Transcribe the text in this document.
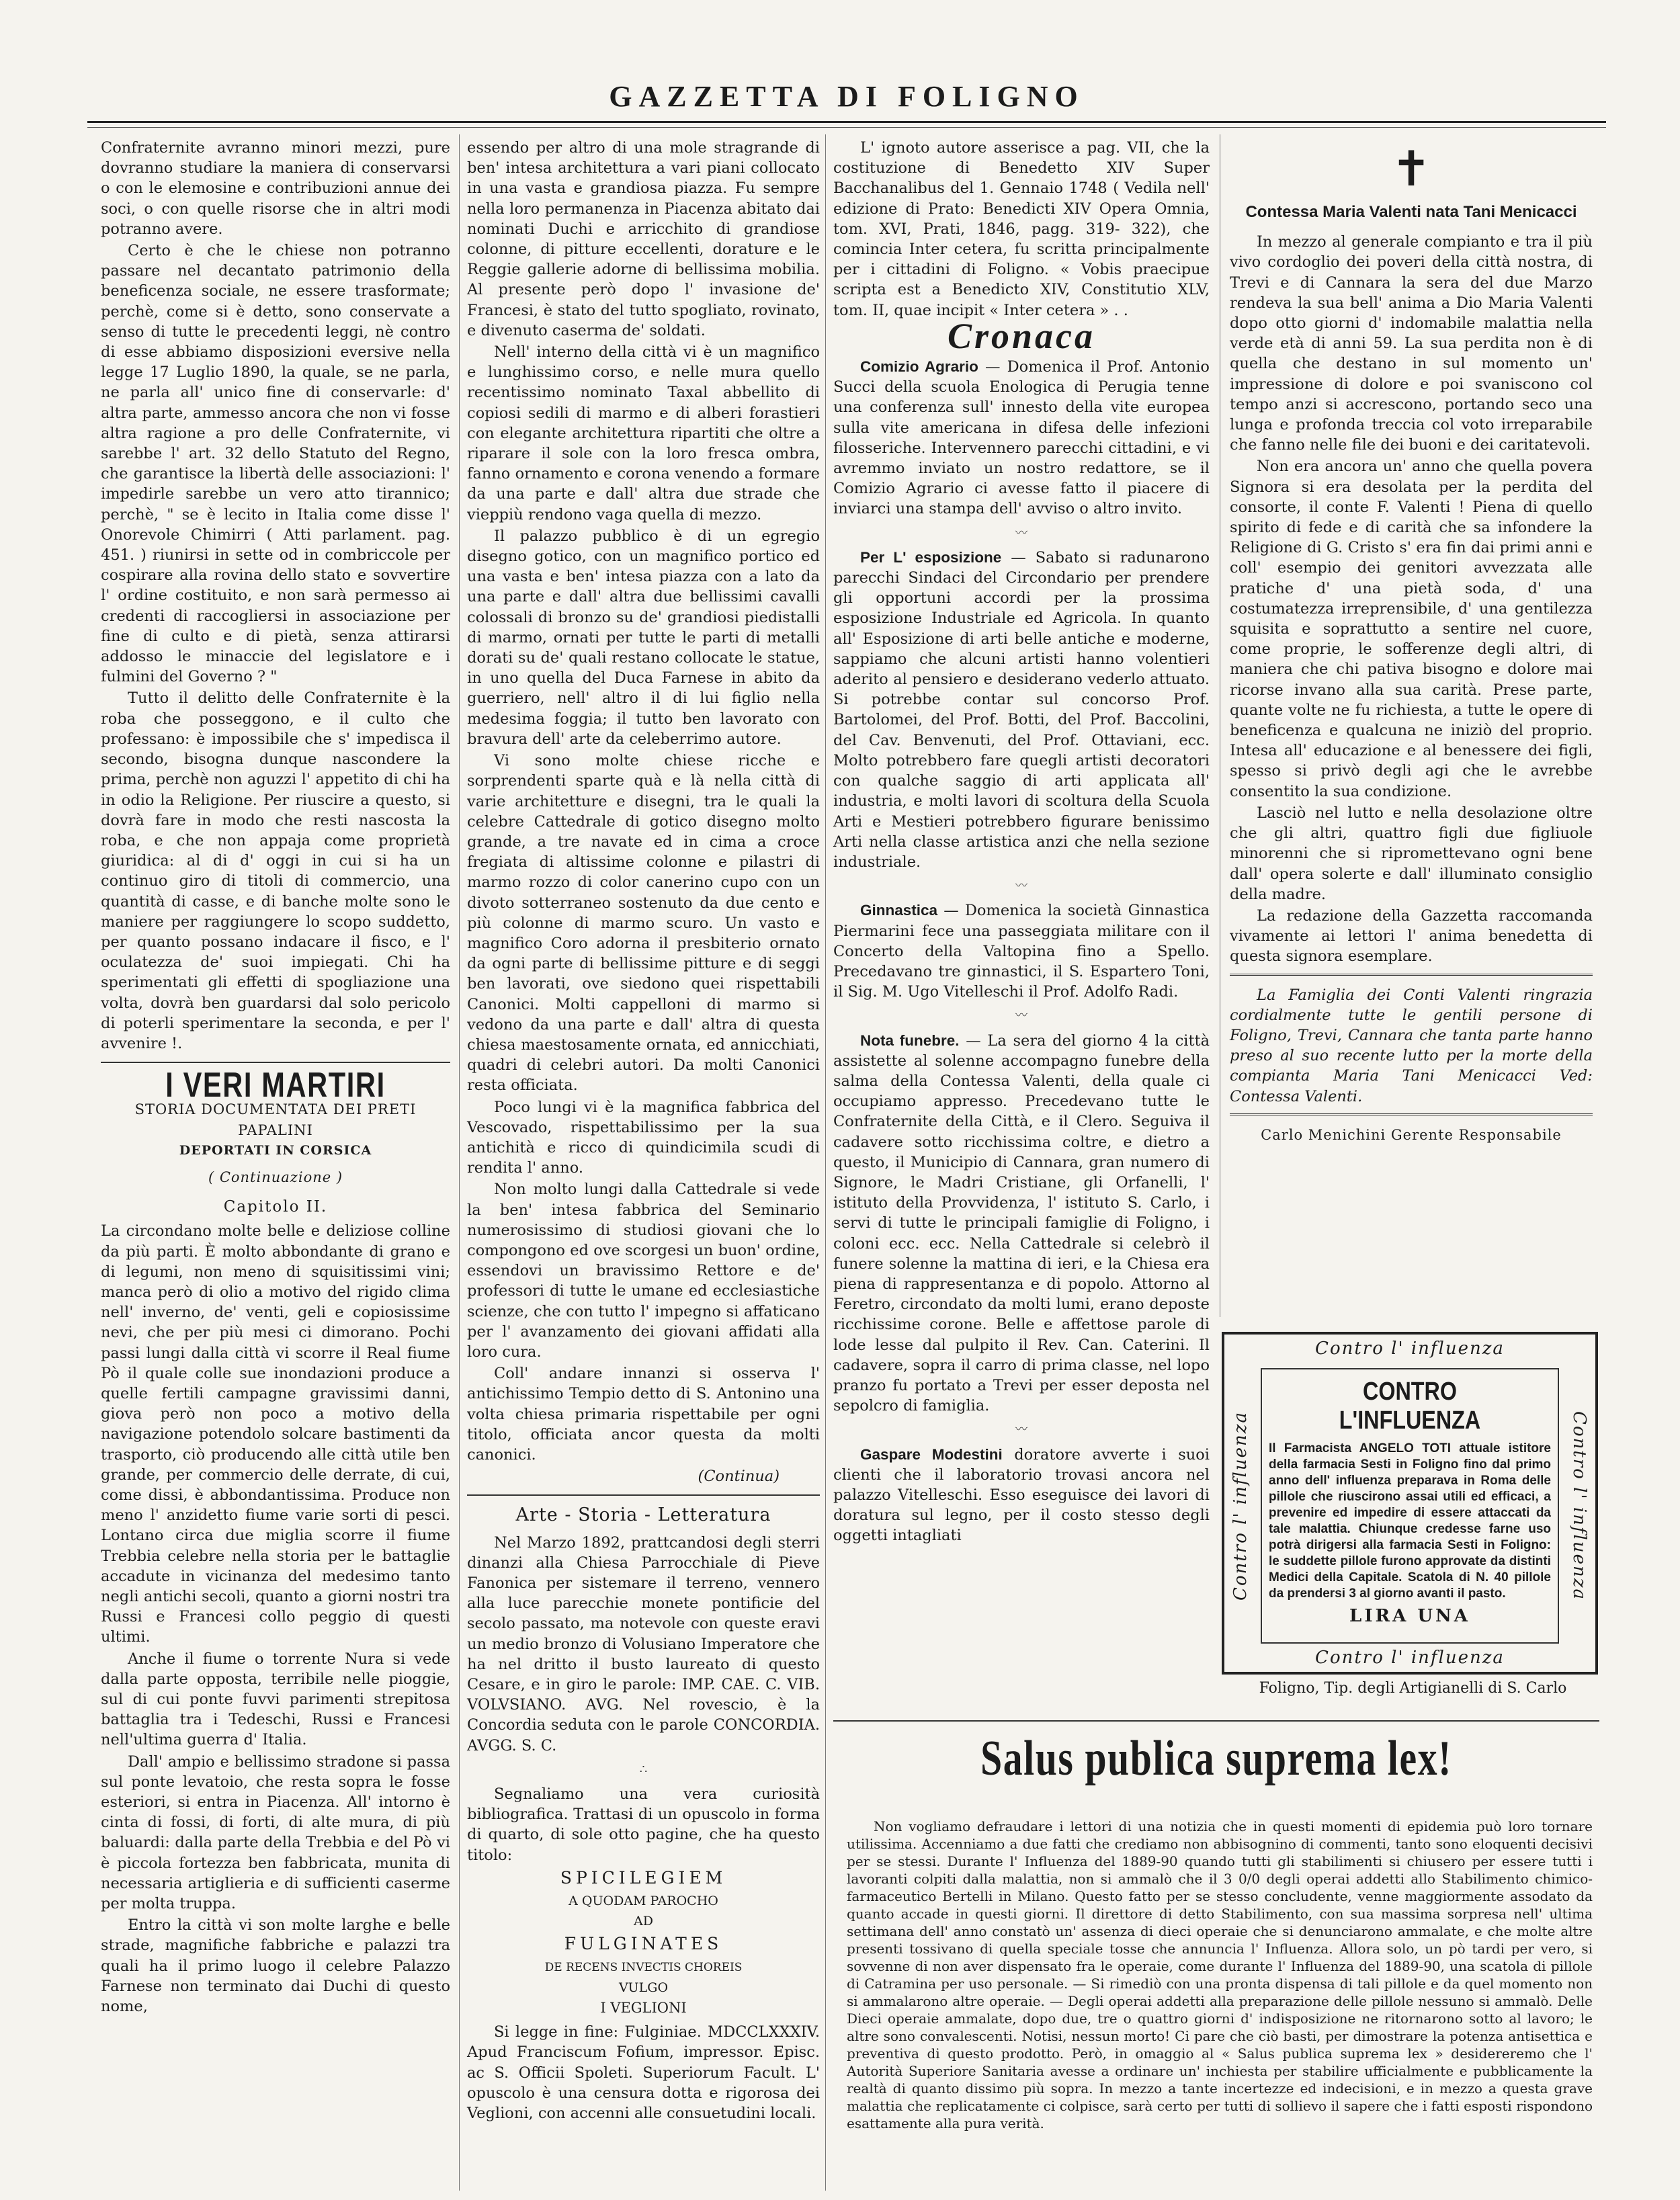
GAZZETTA DI FOLIGNO

Confraternite avranno minori mezzi, pure dovranno studiare la maniera di conservarsi o con le elemosine e contribuzioni annue dei soci, o con quelle risorse che in altri modi potranno avere.

Certo è che le chiese non potranno passare nel decantato patrimonio della beneficenza sociale, ne essere trasformate; perchè, come si è detto, sono conservate a senso di tutte le precedenti leggi, nè contro di esse abbiamo disposizioni eversive nella legge 17 Luglio 1890, la quale, se ne parla, ne parla all' unico fine di conservarle: d' altra parte, ammesso ancora che non vi fosse altra ragione a pro delle Confraternite, vi sarebbe l' art. 32 dello Statuto del Regno, che garantisce la libertà delle associazioni: l' impedirle sarebbe un vero atto tirannico; perchè, " se è lecito in Italia come disse l' Onorevole Chimirri ( Atti parlament. pag. 451. ) riunirsi in sette od in combriccole per cospirare alla rovina dello stato e sovvertire l' ordine costituito, e non sarà permesso ai credenti di raccogliersi in associazione per fine di culto e di pietà, senza attirarsi addosso le minaccie del legislatore e i fulmini del Governo ? "

Tutto il delitto delle Confraternite è la roba che posseggono, e il culto che professano: è impossibile che s' impedisca il secondo, bisogna dunque nascondere la prima, perchè non aguzzi l' appetito di chi ha in odio la Religione. Per riuscire a questo, si dovrà fare in modo che resti nascosta la roba, e che non appaja come proprietà giuridica: al di d' oggi in cui si ha un continuo giro di titoli di commercio, una quantità di casse, e di banche molte sono le maniere per raggiungere lo scopo suddetto, per quanto possano indacare il fisco, e l' oculatezza de' suoi impiegati. Chi ha sperimentati gli effetti di spogliazione una volta, dovrà ben guardarsi dal solo pericolo di poterli sperimentare la seconda, e per l' avvenire !.

I VERI MARTIRI
STORIA DOCUMENTATA DEI PRETI PAPALINI
DEPORTATI IN CORSICA
( Continuazione )
Capitolo II.

La circondano molte belle e deliziose colline da più parti. È molto abbondante di grano e di legumi, non meno di squisitissimi vini; manca però di olio a motivo del rigido clima nell' inverno, de' venti, geli e copiosissime nevi, che per più mesi ci dimorano. Pochi passi lungi dalla città vi scorre il Real fiume Pò il quale colle sue inondazioni produce a quelle fertili campagne gravissimi danni, giova però non poco a motivo della navigazione potendolo solcare bastimenti da trasporto, ciò producendo alle città utile ben grande, per commercio delle derrate, di cui, come dissi, è abbondantissima. Produce non meno l' anzidetto fiume varie sorti di pesci. Lontano circa due miglia scorre il fiume Trebbia celebre nella storia per le battaglie accadute in vicinanza del medesimo tanto negli antichi secoli, quanto a giorni nostri tra Russi e Francesi collo peggio di questi ultimi.

Anche il fiume o torrente Nura si vede dalla parte opposta, terribile nelle pioggie, sul di cui ponte fuvvi parimenti strepitosa battaglia tra i Tedeschi, Russi e Francesi nell'ultima guerra d' Italia.

Dall' ampio e bellissimo stradone si passa sul ponte levatoio, che resta sopra le fosse esteriori, si entra in Piacenza. All' intorno è cinta di fossi, di forti, di alte mura, di più baluardi: dalla parte della Trebbia e del Pò vi è piccola fortezza ben fabbricata, munita di necessaria artiglieria e di sufficienti caserme per molta truppa.

Entro la città vi son molte larghe e belle strade, magnifiche fabbriche e palazzi tra quali ha il primo luogo il celebre Palazzo Farnese non terminato dai Duchi di questo nome,

essendo per altro di una mole stragrande di ben' intesa architettura a vari piani collocato in una vasta e grandiosa piazza. Fu sempre nella loro permanenza in Piacenza abitato dai nominati Duchi e arricchito di grandiose colonne, di pitture eccellenti, dorature e le Reggie gallerie adorne di bellissima mobilia. Al presente però dopo l' invasione de' Francesi, è stato del tutto spogliato, rovinato, e divenuto caserma de' soldati.

Nell' interno della città vi è un magnifico e lunghissimo corso, e nelle mura quello recentissimo nominato Taxal abbellito di copiosi sedili di marmo e di alberi forastieri con elegante architettura ripartiti che oltre a riparare il sole con la loro fresca ombra, fanno ornamento e corona venendo a formare da una parte e dall' altra due strade che vieppiù rendono vaga quella di mezzo.

Il palazzo pubblico è di un egregio disegno gotico, con un magnifico portico ed una vasta e ben' intesa piazza con a lato da una parte e dall' altra due bellissimi cavalli colossali di bronzo su de' grandiosi piedistalli di marmo, ornati per tutte le parti di metalli dorati su de' quali restano collocate le statue, in uno quella del Duca Farnese in abito da guerriero, nell' altro il di lui figlio nella medesima foggia; il tutto ben lavorato con bravura dell' arte da celeberrimo autore.

Vi sono molte chiese ricche e sorprendenti sparte quà e là nella città di varie architetture e disegni, tra le quali la celebre Cattedrale di gotico disegno molto grande, a tre navate ed in cima a croce fregiata di altissime colonne e pilastri di marmo rozzo di color canerino cupo con un divoto sotterraneo sostenuto da due cento e più colonne di marmo scuro. Un vasto e magnifico Coro adorna il presbiterio ornato da ogni parte di bellissime pitture e di seggi ben lavorati, ove siedono quei rispettabili Canonici. Molti cappelloni di marmo si vedono da una parte e dall' altra di questa chiesa maestosamente ornata, ed annicchiati, quadri di celebri autori. Da molti Canonici resta officiata.

Poco lungi vi è la magnifica fabbrica del Vescovado, rispettabilissimo per la sua antichità e ricco di quindicimila scudi di rendita l' anno.

Non molto lungi dalla Cattedrale si vede la ben' intesa fabbrica del Seminario numerosissimo di studiosi giovani che lo compongono ed ove scorgesi un buon' ordine, essendovi un bravissimo Rettore e de' professori di tutte le umane ed ecclesiastiche scienze, che con tutto l' impegno si affaticano per l' avanzamento dei giovani affidati alla loro cura.

Coll' andare innanzi si osserva l' antichissimo Tempio detto di S. Antonino una volta chiesa primaria rispettabile per ogni titolo, officiata ancor questa da molti canonici.

(Continua)
Arte - Storia - Letteratura

Nel Marzo 1892, prattcandosi degli sterri dinanzi alla Chiesa Parrocchiale di Pieve Fanonica per sistemare il terreno, vennero alla luce parecchie monete pontificie del secolo passato, ma notevole con queste eravi un medio bronzo di Volusiano Imperatore che ha nel dritto il busto laureato di questo Cesare, e in giro le parole: IMP. CAE. C. VIB. VOLVSIANO. AVG. Nel rovescio, è la Concordia seduta con le parole CONCORDIA. AVGG. S. C.

∴

Segnaliamo una vera curiosità bibliografica. Trattasi di un opuscolo in forma di quarto, di sole otto pagine, che ha questo titolo:

SPICILEGIEM
A QUODAM PAROCHO
AD
FULGINATES
DE RECENS INVECTIS CHOREIS
VULGO
I VEGLIONI

Si legge in fine: Fulginiae. MDCCLXXXIV. Apud Franciscum Fofium, impressor. Episc. ac S. Officii Spoleti. Superiorum Facult. L' opuscolo è una censura dotta e rigorosa dei Veglioni, con accenni alle consuetudini locali.

L' ignoto autore asserisce a pag. VII, che la costituzione di Benedetto XIV Super Bacchanalibus del 1. Gennaio 1748 ( Vedila nell' edizione di Prato: Benedicti XIV Opera Omnia, tom. XVI, Prati, 1846, pagg. 319- 322), che comincia Inter cetera, fu scritta principalmente per i cittadini di Foligno. « Vobis praecipue scripta est a Benedicto XIV, Constitutio XLV, tom. II, quae incipit « Inter cetera » . .

Cronaca

Comizio Agrario — Domenica il Prof. Antonio Succi della scuola Enologica di Perugia tenne una conferenza sull' innesto della vite europea sulla vite americana in difesa delle infezioni filosseriche. Intervennero parecchi cittadini, e vi avremmo inviato un nostro redattore, se il Comizio Agrario ci avesse fatto il piacere di inviarci una stampa dell' avviso o altro invito.

〰

Per L' esposizione — Sabato si radunarono parecchi Sindaci del Circondario per prendere gli opportuni accordi per la prossima esposizione Industriale ed Agricola. In quanto all' Esposizione di arti belle antiche e moderne, sappiamo che alcuni artisti hanno volentieri aderito al pensiero e desiderano vederlo attuato. Si potrebbe contar sul concorso Prof. Bartolomei, del Prof. Botti, del Prof. Baccolini, del Cav. Benvenuti, del Prof. Ottaviani, ecc. Molto potrebbero fare quegli artisti decoratori con qualche saggio di arti applicata all' industria, e molti lavori di scoltura della Scuola Arti e Mestieri potrebbero figurare benissimo Arti nella classe artistica anzi che nella sezione industriale.

〰

Ginnastica — Domenica la società Ginnastica Piermarini fece una passeggiata militare con il Concerto della Valtopina fino a Spello. Precedavano tre ginnastici, il S. Espartero Toni, il Sig. M. Ugo Vitelleschi il Prof. Adolfo Radi.

〰

Nota funebre. — La sera del giorno 4 la città assistette al solenne accompagno funebre della salma della Contessa Valenti, della quale ci occupiamo appresso. Precedevano tutte le Confraternite della Città, e il Clero. Seguiva il cadavere sotto ricchissima coltre, e dietro a questo, il Municipio di Cannara, gran numero di Signore, le Madri Cristiane, gli Orfanelli, l' istituto della Provvidenza, l' istituto S. Carlo, i servi di tutte le principali famiglie di Foligno, i coloni ecc. ecc. Nella Cattedrale si celebrò il funere solenne la mattina di ieri, e la Chiesa era piena di rappresentanza e di popolo. Attorno al Feretro, circondato da molti lumi, erano deposte ricchissime corone. Belle e affettose parole di lode lesse dal pulpito il Rev. Can. Caterini. Il cadavere, sopra il carro di prima classe, nel lopo pranzo fu portato a Trevi per esser deposta nel sepolcro di famiglia.

〰

Gaspare Modestini doratore avverte i suoi clienti che il laboratorio trovasi ancora nel palazzo Vitelleschi. Esso eseguisce dei lavori di doratura sul legno, per il costo stesso degli oggetti intagliati

✝
Contessa Maria Valenti nata Tani Menicacci

In mezzo al generale compianto e tra il più vivo cordoglio dei poveri della città nostra, di Trevi e di Cannara la sera del due Marzo rendeva la sua bell' anima a Dio Maria Valenti dopo otto giorni d' indomabile malattia nella verde età di anni 59. La sua perdita non è di quella che destano in sul momento un' impressione di dolore e poi svaniscono col tempo anzi si accrescono, portando seco una lunga e profonda treccia col voto irreparabile che fanno nelle file dei buoni e dei caritatevoli.

Non era ancora un' anno che quella povera Signora si era desolata per la perdita del consorte, il conte F. Valenti ! Piena di quello spirito di fede e di carità che sa infondere la Religione di G. Cristo s' era fin dai primi anni e coll' esempio dei genitori avvezzata alle pratiche d' una pietà soda, d' una costumatezza irreprensibile, d' una gentilezza squisita e soprattutto a sentire nel cuore, come proprie, le sofferenze degli altri, di maniera che chi pativa bisogno e dolore mai ricorse invano alla sua carità. Prese parte, quante volte ne fu richiesta, a tutte le opere di beneficenza e qualcuna ne iniziò del proprio. Intesa all' educazione e al benessere dei figli, spesso si privò degli agi che le avrebbe consentito la sua condizione.

Lasciò nel lutto e nella desolazione oltre che gli altri, quattro figli due figliuole minorenni che si ripromettevano ogni bene dall' opera solerte e dall' illuminato consiglio della madre.

La redazione della Gazzetta raccomanda vivamente ai lettori l' anima benedetta di questa signora esemplare.

La Famiglia dei Conti Valenti ringrazia cordialmente tutte le gentili persone di Foligno, Trevi, Cannara che tanta parte hanno preso al suo recente lutto per la morte della compianta Maria Tani Menicacci Ved: Contessa Valenti.

Carlo Menichini Gerente Responsabile
Contro l' influenza
Contro l' influenza	Contro l' influenza
CONTRO L'INFLUENZA
Il Farmacista ANGELO TOTI attuale istitore della farmacia Sesti in Foligno fino dal primo anno dell' influenza preparava in Roma delle pillole che riuscirono assai utili ed efficaci, a prevenire ed impedire di essere attaccati da tale malattia. Chiunque credesse farne uso potrà dirigersi alla farmacia Sesti in Foligno: le suddette pillole furono approvate da distinti Medici della Capitale. Scatola di N. 40 pillole da prendersi 3 al giorno avanti il pasto.
LIRA UNA
Contro l' influenza
Foligno, Tip. degli Artigianelli di S. Carlo
Salus publica suprema lex!

Non vogliamo defraudare i lettori di una notizia che in questi momenti di epidemia può loro tornare utilissima. Accenniamo a due fatti che crediamo non abbisognino di commenti, tanto sono eloquenti decisivi per se stessi. Durante l' Influenza del 1889-90 quando tutti gli stabilimenti si chiusero per essere tutti i lavoranti colpiti dalla malattia, non si ammalò che il 3 0/0 degli operai addetti allo Stabilimento chimico-farmaceutico Bertelli in Milano. Questo fatto per se stesso concludente, venne maggiormente assodato da quanto accade in questi giorni. Il direttore di detto Stabilimento, con sua massima sorpresa nell' ultima settimana dell' anno constatò un' assenza di dieci operaie che si denunciarono ammalate, e che molte altre presenti tossivano di quella speciale tosse che annuncia l' Influenza. Allora solo, un pò tardi per vero, si sovvenne di non aver dispensato fra le operaie, come durante l' Influenza del 1889-90, una scatola di pillole di Catramina per uso personale. — Si rimediò con una pronta dispensa di tali pillole e da quel momento non si ammalarono altre operaie. — Degli operai addetti alla preparazione delle pillole nessuno si ammalò. Delle Dieci operaie ammalate, dopo due, tre o quattro giorni d' indisposizione ne ritornarono sotto al lavoro; le altre sono convalescenti. Notisi, nessun morto! Ci pare che ciò basti, per dimostrare la potenza antisettica e preventiva di questo prodotto. Però, in omaggio al « Salus publica suprema lex » desidereremo che l' Autorità Superiore Sanitaria avesse a ordinare un' inchiesta per stabilire ufficialmente e pubblicamente la realtà di quanto dissimo più sopra. In mezzo a tante incertezze ed indecisioni, e in mezzo a questa grave malattia che replicatamente ci colpisce, sarà certo per tutti di sollievo il sapere che i fatti esposti rispondono esattamente alla pura verità.
